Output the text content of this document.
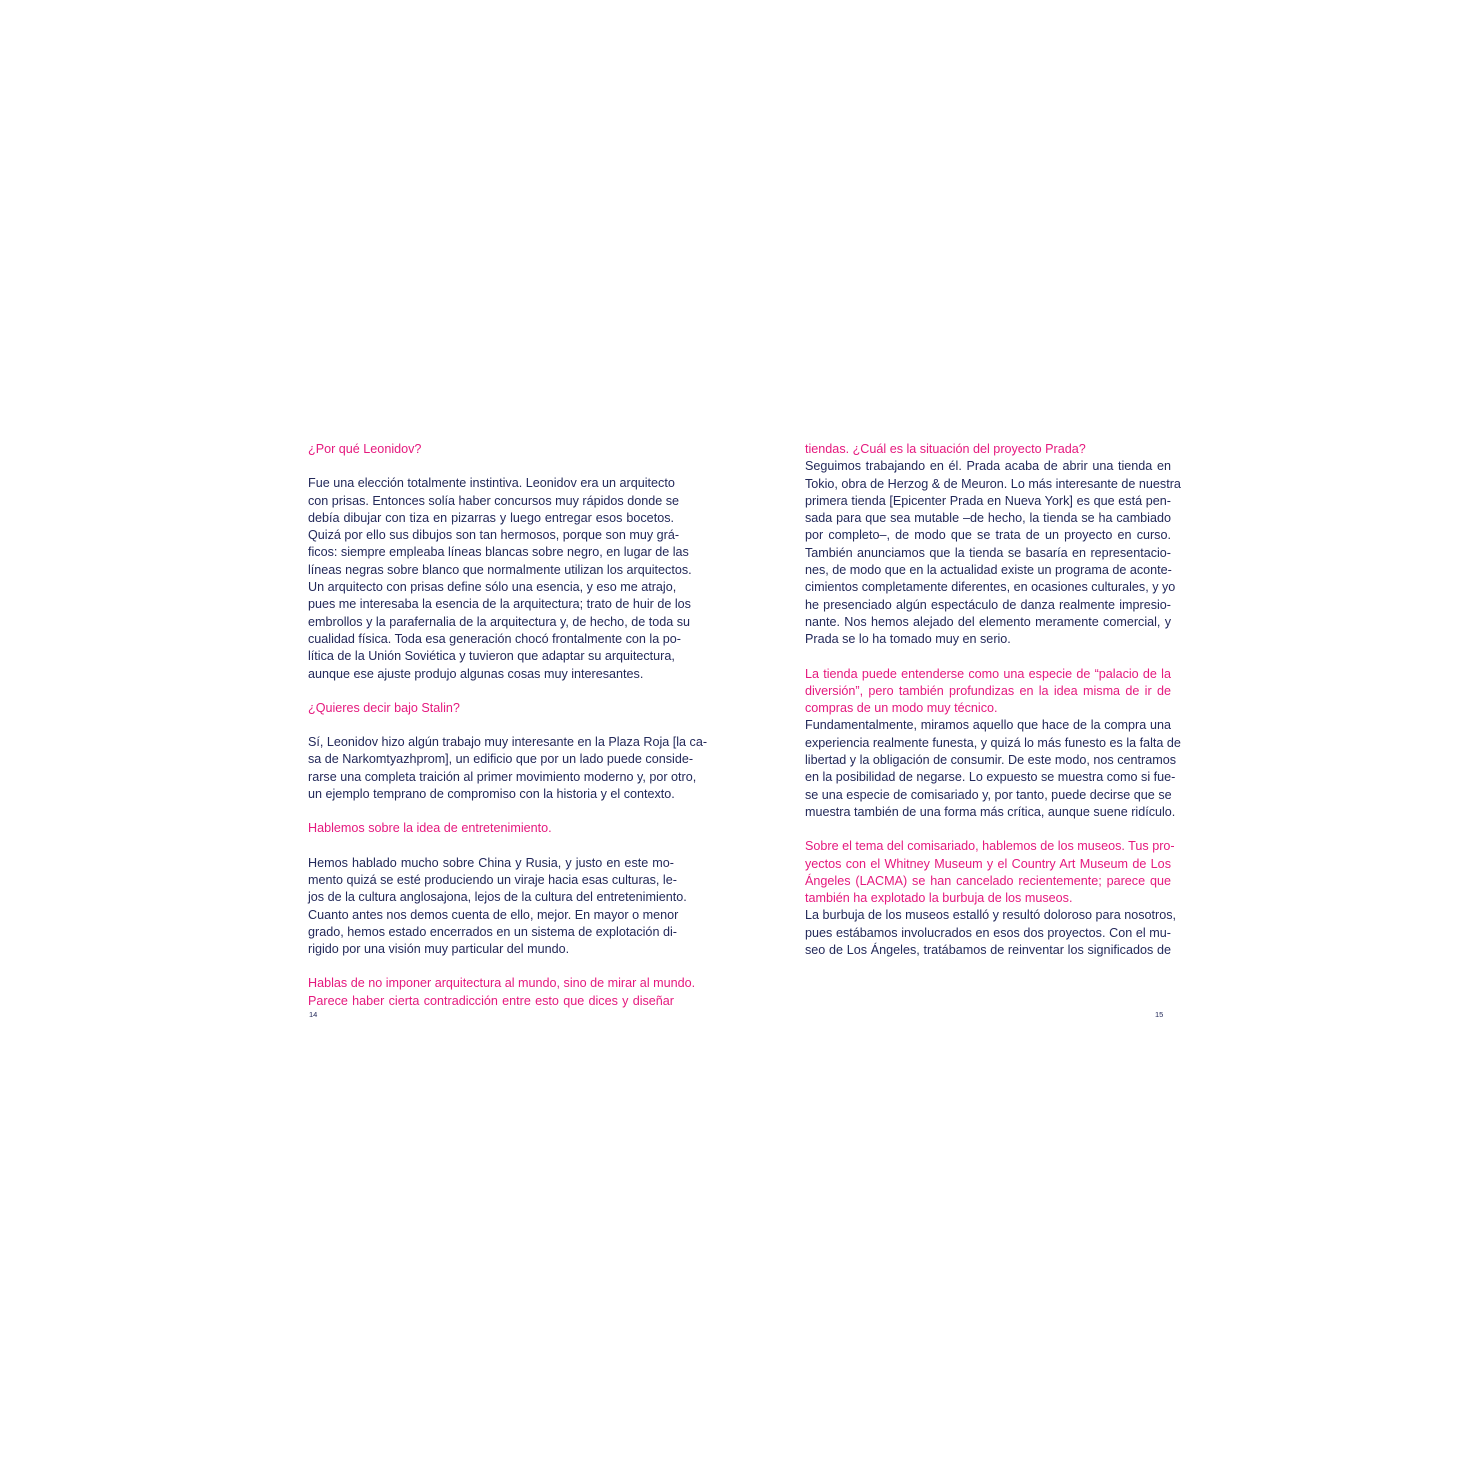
¿Por qué Leonidov?
Fue una elección totalmente instintiva. Leonidov era un arquitecto
con prisas. Entonces solía haber concursos muy rápidos donde se
debía dibujar con tiza en pizarras y luego entregar esos bocetos.
Quizá por ello sus dibujos son tan hermosos, porque son muy grá-
ficos: siempre empleaba líneas blancas sobre negro, en lugar de las
líneas negras sobre blanco que normalmente utilizan los arquitectos.
Un arquitecto con prisas define sólo una esencia, y eso me atrajo,
pues me interesaba la esencia de la arquitectura; trato de huir de los
embrollos y la parafernalia de la arquitectura y, de hecho, de toda su
cualidad física. Toda esa generación chocó frontalmente con la po-
lítica de la Unión Soviética y tuvieron que adaptar su arquitectura,
aunque ese ajuste produjo algunas cosas muy interesantes.
¿Quieres decir bajo Stalin?
Sí, Leonidov hizo algún trabajo muy interesante en la Plaza Roja [la ca-
sa de Narkomtyazhprom], un edificio que por un lado puede conside-
rarse una completa traición al primer movimiento moderno y, por otro,
un ejemplo temprano de compromiso con la historia y el contexto.
Hablemos sobre la idea de entretenimiento.
Hemos hablado mucho sobre China y Rusia, y justo en este mo-
mento quizá se esté produciendo un viraje hacia esas culturas, le-
jos de la cultura anglosajona, lejos de la cultura del entretenimiento.
Cuanto antes nos demos cuenta de ello, mejor. En mayor o menor
grado, hemos estado encerrados en un sistema de explotación di-
rigido por una visión muy particular del mundo.
Hablas de no imponer arquitectura al mundo, sino de mirar al mundo.
Parece haber cierta contradicción entre esto que dices y diseñar
tiendas. ¿Cuál es la situación del proyecto Prada?
Seguimos trabajando en él. Prada acaba de abrir una tienda en
Tokio, obra de Herzog & de Meuron. Lo más interesante de nuestra
primera tienda [Epicenter Prada en Nueva York] es que está pen-
sada para que sea mutable –de hecho, la tienda se ha cambiado
por completo–, de modo que se trata de un proyecto en curso.
También anunciamos que la tienda se basaría en representacio-
nes, de modo que en la actualidad existe un programa de aconte-
cimientos completamente diferentes, en ocasiones culturales, y yo
he presenciado algún espectáculo de danza realmente impresio-
nante. Nos hemos alejado del elemento meramente comercial, y
Prada se lo ha tomado muy en serio.
La tienda puede entenderse como una especie de “palacio de la
diversión”, pero también profundizas en la idea misma de ir de
compras de un modo muy técnico.
Fundamentalmente, miramos aquello que hace de la compra una
experiencia realmente funesta, y quizá lo más funesto es la falta de
libertad y la obligación de consumir. De este modo, nos centramos
en la posibilidad de negarse. Lo expuesto se muestra como si fue-
se una especie de comisariado y, por tanto, puede decirse que se
muestra también de una forma más crítica, aunque suene ridículo.
Sobre el tema del comisariado, hablemos de los museos. Tus pro-
yectos con el Whitney Museum y el Country Art Museum de Los
Ángeles (LACMA) se han cancelado recientemente; parece que
también ha explotado la burbuja de los museos.
La burbuja de los museos estalló y resultó doloroso para nosotros,
pues estábamos involucrados en esos dos proyectos. Con el mu-
seo de Los Ángeles, tratábamos de reinventar los significados de
14	15
